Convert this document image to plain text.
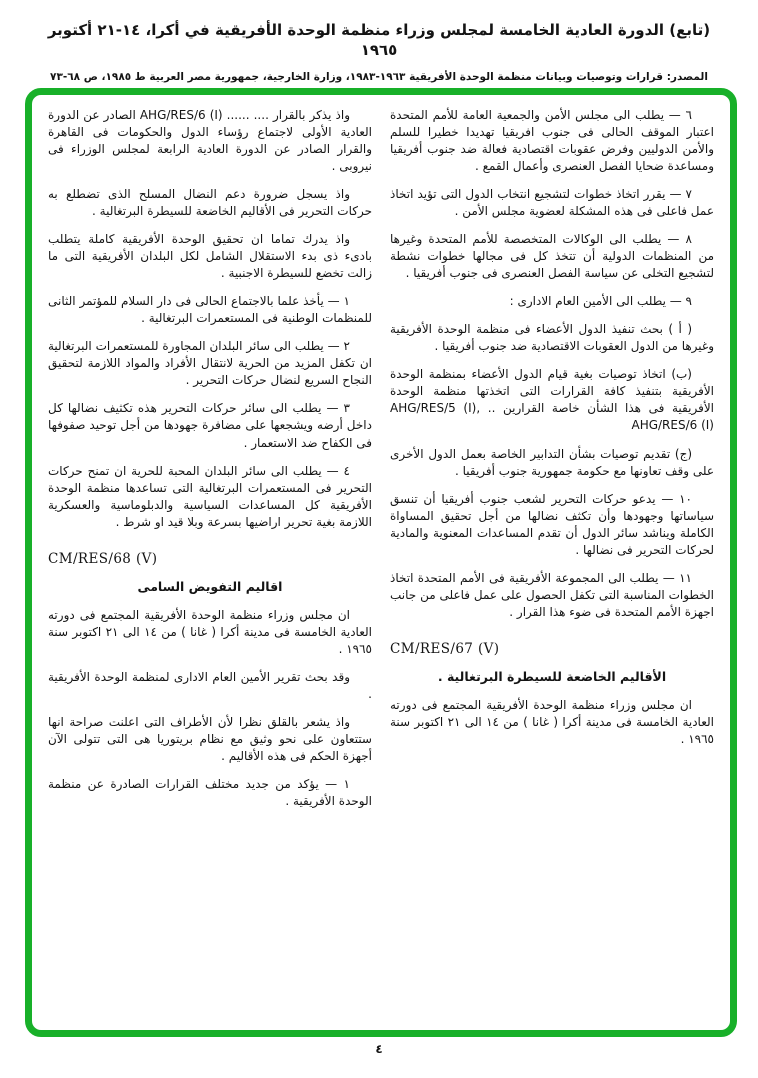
(تابع) الدورة العادية الخامسة لمجلس وزراء منظمة الوحدة الأفريقية في أكرا، ١٤-٢١ أكتوبر ١٩٦٥
المصدر: قرارات وتوصيات وبيانات منظمة الوحدة الأفريقية ١٩٦٣-١٩٨٣، وزارة الخارجية، جمهورية مصر العربية ط ١٩٨٥، ص ٦٨-٧٣

٦ — يطلب الى مجلس الأمن والجمعية العامة للأمم المتحدة اعتبار الموقف الحالى فى جنوب افريقيا تهديدا خطيرا للسلم والأمن الدوليين وفرض عقوبات اقتصادية فعالة ضد جنوب أفريقيا ومساعدة ضحايا الفصل العنصرى وأعمال القمع .

٧ — يقرر اتخاذ خطوات لتشجيع انتخاب الدول التى تؤيد اتخاذ عمل فاعلى فى هذه المشكلة لعضوية مجلس الأمن .

٨ — يطلب الى الوكالات المتخصصة للأمم المتحدة وغيرها من المنظمات الدولية أن تتخذ كل فى مجالها خطوات نشطة لتشجيع التخلى عن سياسة الفصل العنصرى فى جنوب أفريقيا .

٩ — يطلب الى الأمين العام الادارى :

( أ ) بحث تنفيذ الدول الأعضاء فى منظمة الوحدة الأفريقية وغيرها من الدول العقوبات الاقتصادية ضد جنوب أفريقيا .

(ب) اتخاذ توصيات بغية قيام الدول الأعضاء بمنظمة الوحدة الأفريقية بتنفيذ كافة القرارات التى اتخذتها منظمة الوحدة الأفريقية فى هذا الشأن خاصة القرارين .. AHG/RES/5 (I), AHG/RES/6 (I)

(ج) تقديم توصيات بشأن التدابير الخاصة بعمل الدول الأخرى على وقف تعاونها مع حكومة جمهورية جنوب أفريقيا .

١٠ — يدعو حركات التحرير لشعب جنوب أفريقيا أن تنسق سياساتها وجهودها وأن تكثف نضالها من أجل تحقيق المساواة الكاملة ويناشد سائر الدول أن تقدم المساعدات المعنوية والمادية لحركات التحرير فى نضالها .

١١ — يطلب الى المجموعة الأفريقية فى الأمم المتحدة اتخاذ الخطوات المناسبة التى تكفل الحصول على عمل فاعلى من جانب اجهزة الأمم المتحدة فى ضوء هذا القرار .

CM/RES/67 (V)
الأقاليم الخاضعة للسيطرة البرتغالية .

ان مجلس وزراء منظمة الوحدة الأفريقية المجتمع فى دورته العادية الخامسة فى مدينة أكرا ( غانا ) من ١٤ الى ٢١ اكتوبر سنة ١٩٦٥ .

واذ يذكر بالقرار .... ...... AHG/RES/6 (I) الصادر عن الدورة العادية الأولى لاجتماع رؤساء الدول والحكومات فى القاهرة والقرار الصادر عن الدورة العادية الرابعة لمجلس الوزراء فى نيروبى .

واذ يسجل ضرورة دعم النضال المسلح الذى تضطلع به حركات التحرير فى الأقاليم الخاضعة للسيطرة البرتغالية .

واذ يدرك تماما ان تحقيق الوحدة الأفريقية كاملة يتطلب بادىء ذى بدء الاستقلال الشامل لكل البلدان الأفريقية التى ما زالت تخضع للسيطرة الاجنبية .

١ — يأخذ علما بالاجتماع الحالى فى دار السلام للمؤتمر الثانى للمنظمات الوطنية فى المستعمرات البرتغالية .

٢ — يطلب الى سائر البلدان المجاورة للمستعمرات البرتغالية ان تكفل المزيد من الحرية لانتقال الأفراد والمواد اللازمة لتحقيق النجاح السريع لنضال حركات التحرير .

٣ — يطلب الى سائر حركات التحرير هذه تكثيف نضالها كل داخل أرضه ويشجعها على مضافرة جهودها من أجل توحيد صفوفها فى الكفاح ضد الاستعمار .

٤ — يطلب الى سائر البلدان المحبة للحرية ان تمنح حركات التحرير فى المستعمرات البرتغالية التى تساعدها منظمة الوحدة الأفريقية كل المساعدات السياسية والدبلوماسية والعسكرية اللازمة بغية تحرير اراضيها بسرعة وبلا قيد او شرط .

CM/RES/68 (V)
اقاليم التفويض السامى

ان مجلس وزراء منظمة الوحدة الأفريقية المجتمع فى دورته العادية الخامسة فى مدينة أكرا ( غانا ) من ١٤ الى ٢١ اكتوبر سنة ١٩٦٥ .

وقد بحث تقرير الأمين العام الادارى لمنظمة الوحدة الأفريقية .

واذ يشعر بالقلق نظرا لأن الأطراف التى اعلنت صراحة انها ستتعاون على نحو وثيق مع نظام بريتوريا هى التى تتولى الآن أجهزة الحكم فى هذه الأقاليم .

١ — يؤكد من جديد مختلف القرارات الصادرة عن منظمة الوحدة الأفريقية .

٤
